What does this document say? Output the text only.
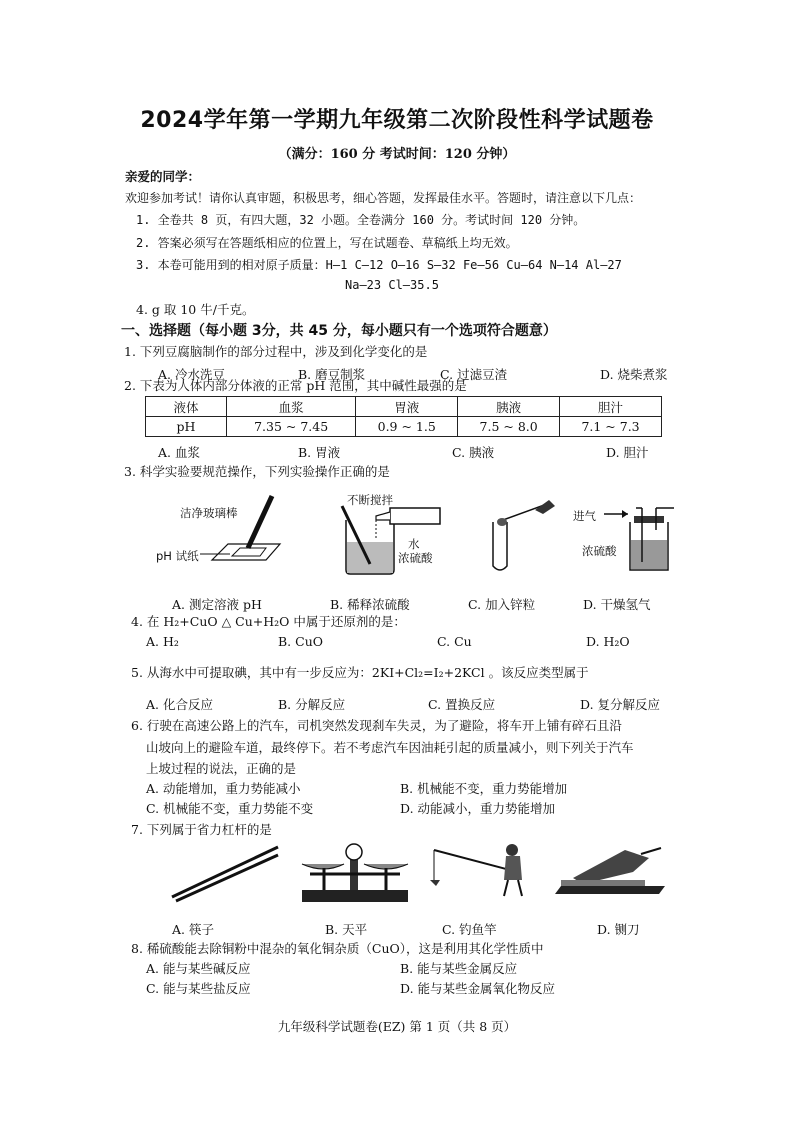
2024学年第一学期九年级第二次阶段性科学试题卷
（满分：160 分 考试时间：120 分钟）
亲爱的同学：
欢迎参加考试！请你认真审题，积极思考，细心答题，发挥最佳水平。答题时，请注意以下几点：
1. 全卷共 8 页，有四大题，32 小题。全卷满分 160 分。考试时间 120 分钟。
2. 答案必须写在答题纸相应的位置上，写在试题卷、草稿纸上均无效。
3. 本卷可能用到的相对原子质量：H—1 C—12 O—16 S—32 Fe—56 Cu—64 N—14 Al—27
Na—23 Cl—35.5
4. g 取 10 牛/千克。
一、选择题（每小题 3分，共 45 分，每小题只有一个选项符合题意）
1. 下列豆腐脑制作的部分过程中，涉及到化学变化的是
A. 冷水洗豆	B. 磨豆制浆	C. 过滤豆渣	D. 烧柴煮浆
2. 下表为人体内部分体液的正常 pH 范围，其中碱性最强的是
液体	血浆	胃液	胰液	胆汁
pH	7.35 ~ 7.45	0.9 ~ 1.5	7.5 ~ 8.0	7.1 ~ 7.3
A. 血浆	B. 胃液	C. 胰液	D. 胆汁
3. 科学实验要规范操作，下列实验操作正确的是
洁净玻璃棒
pH 试纸
不断搅拌
水
浓硫酸
进气
浓硫酸
A. 测定溶液 pH	B. 稀释浓硫酸	C. 加入锌粒	D. 干燥氢气
4. 在 H₂+CuO △ Cu+H₂O 中属于还原剂的是：
A. H₂	B. CuO	C. Cu	D. H₂O
5. 从海水中可提取碘，其中有一步反应为：2KI+Cl₂=I₂+2KCl 。该反应类型属于
A. 化合反应	B. 分解反应	C. 置换反应	D. 复分解反应
6. 行驶在高速公路上的汽车，司机突然发现刹车失灵，为了避险，将车开上铺有碎石且沿
山坡向上的避险车道，最终停下。若不考虑汽车因油耗引起的质量减小，则下列关于汽车
上坡过程的说法，正确的是
A. 动能增加，重力势能减小	B. 机械能不变，重力势能增加
C. 机械能不变，重力势能不变	D. 动能减小，重力势能增加
7. 下列属于省力杠杆的是
A. 筷子	B. 天平	C. 钓鱼竿	D. 铡刀
8. 稀硫酸能去除铜粉中混杂的氧化铜杂质（CuO），这是利用其化学性质中
A. 能与某些碱反应	B. 能与某些金属反应
C. 能与某些盐反应	D. 能与某些金属氧化物反应
九年级科学试题卷(EZ) 第 1 页（共 8 页）
